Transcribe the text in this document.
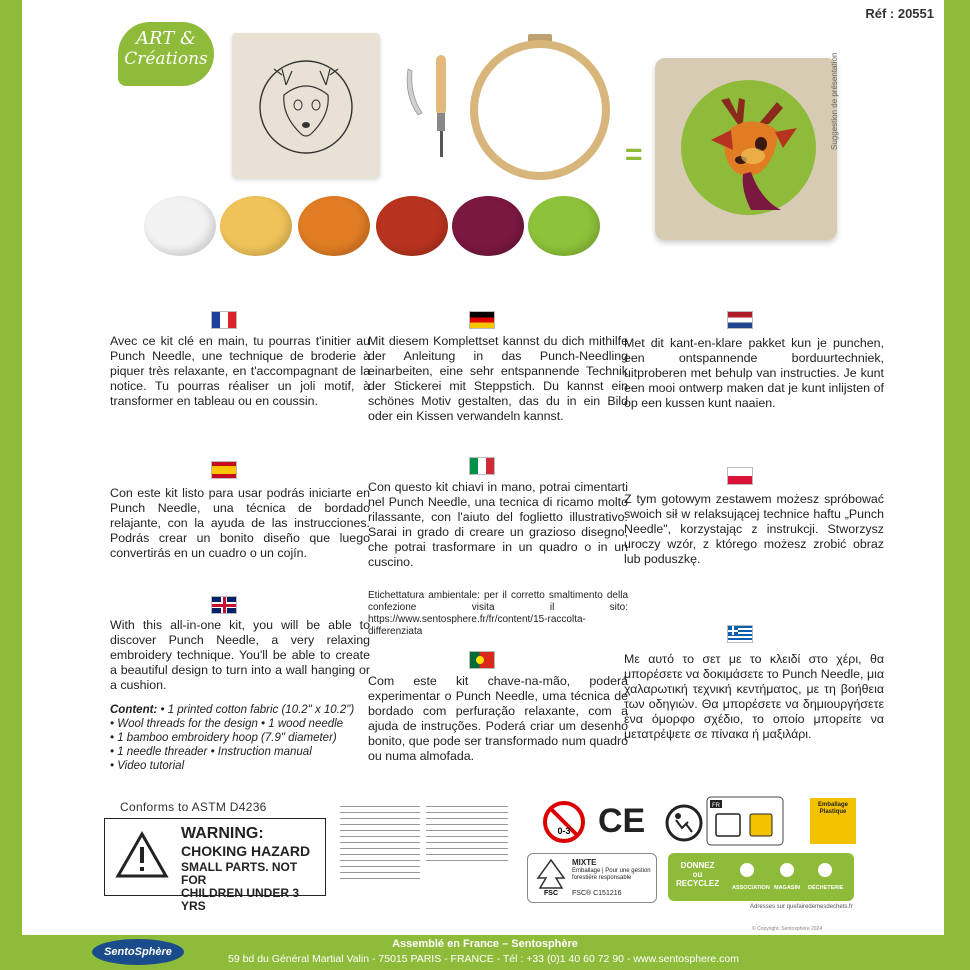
Réf : 20551
ART &
Créations
=
Suggestion de présentation

Avec ce kit clé en main, tu pourras t'initier au Punch Needle, une technique de broderie à piquer très relaxante, en t'accompagnant de la notice. Tu pourras réaliser un joli motif, à transformer en tableau ou en coussin.

Con este kit listo para usar podrás iniciarte en Punch Needle, una técnica de bordado relajante, con la ayuda de las instrucciones. Podrás crear un bonito diseño que luego convertirás en un cuadro o un cojín.

With this all-in-one kit, you will be able to discover Punch Needle, a very relaxing embroidery technique. You'll be able to create a beautiful design to turn into a wall hanging or a cushion.

Content: • 1 printed cotton fabric (10.2" x 10.2")
• Wool threads for the design • 1 wood needle
• 1 bamboo embroidery hoop (7.9" diameter)
• 1 needle threader • Instruction manual
• Video tutorial

Mit diesem Komplettset kannst du dich mithilfe der Anleitung in das Punch-Needling einarbeiten, eine sehr entspannende Technik der Stickerei mit Steppstich. Du kannst ein schönes Motiv gestalten, das du in ein Bild oder ein Kissen verwandeln kannst.

Con questo kit chiavi in mano, potrai cimentarti nel Punch Needle, una tecnica di ricamo molto rilassante, con l'aiuto del foglietto illustrativo. Sarai in grado di creare un grazioso disegno, che potrai trasformare in un quadro o in un cuscino.

Etichettatura ambientale: per il corretto smaltimento della confezione visita il sito: https://www.sentosphere.fr/fr/content/15-raccolta-differenziata

Com este kit chave-na-mão, poderá experimentar o Punch Needle, uma técnica de bordado com perfuração relaxante, com a ajuda de instruções. Poderá criar um desenho bonito, que pode ser transformado num quadro ou numa almofada.

Met dit kant-en-klare pakket kun je punchen, een ontspannende borduurtechniek, uitproberen met behulp van instructies. Je kunt een mooi ontwerp maken dat je kunt inlijsten of op een kussen kunt naaien.

Z tym gotowym zestawem możesz spróbować swoich sił w relaksującej technice haftu „Punch Needle", korzystając z instrukcji. Stworzysz uroczy wzór, z którego możesz zrobić obraz lub poduszkę.

Με αυτό το σετ με το κλειδί στο χέρι, θα μπορέσετε να δοκιμάσετε το Punch Needle, μια χαλαρωτική τεχνική κεντήματος, με τη βοήθεια των οδηγιών. Θα μπορέσετε να δημιουργήσετε ένα όμορφο σχέδιο, το οποίο μπορείτε να μετατρέψετε σε πίνακα ή μαξιλάρι.

Conforms to ASTM D4236
WARNING:
CHOKING HAZARD
SMALL PARTS. NOT FOR
CHILDREN UNDER 3 YRS
0-3 CE	FR	Emballage
Plastique
FSC
MIXTE
Emballage | Pour une gestion forestière responsable
FSC® C151216
DONNEZ
ou
RECYCLEZ ASSOCIATION MAGASIN DÉCHETERIE
Adresses sur quefairedemesdechets.fr
© Copyright: Sentosphère 2024
Assemblé en France – Sentosphère
59 bd du Général Martial Valin - 75015 PARIS - FRANCE - Tél : +33 (0)1 40 60 72 90 - www.sentosphere.com
SentoSphère
